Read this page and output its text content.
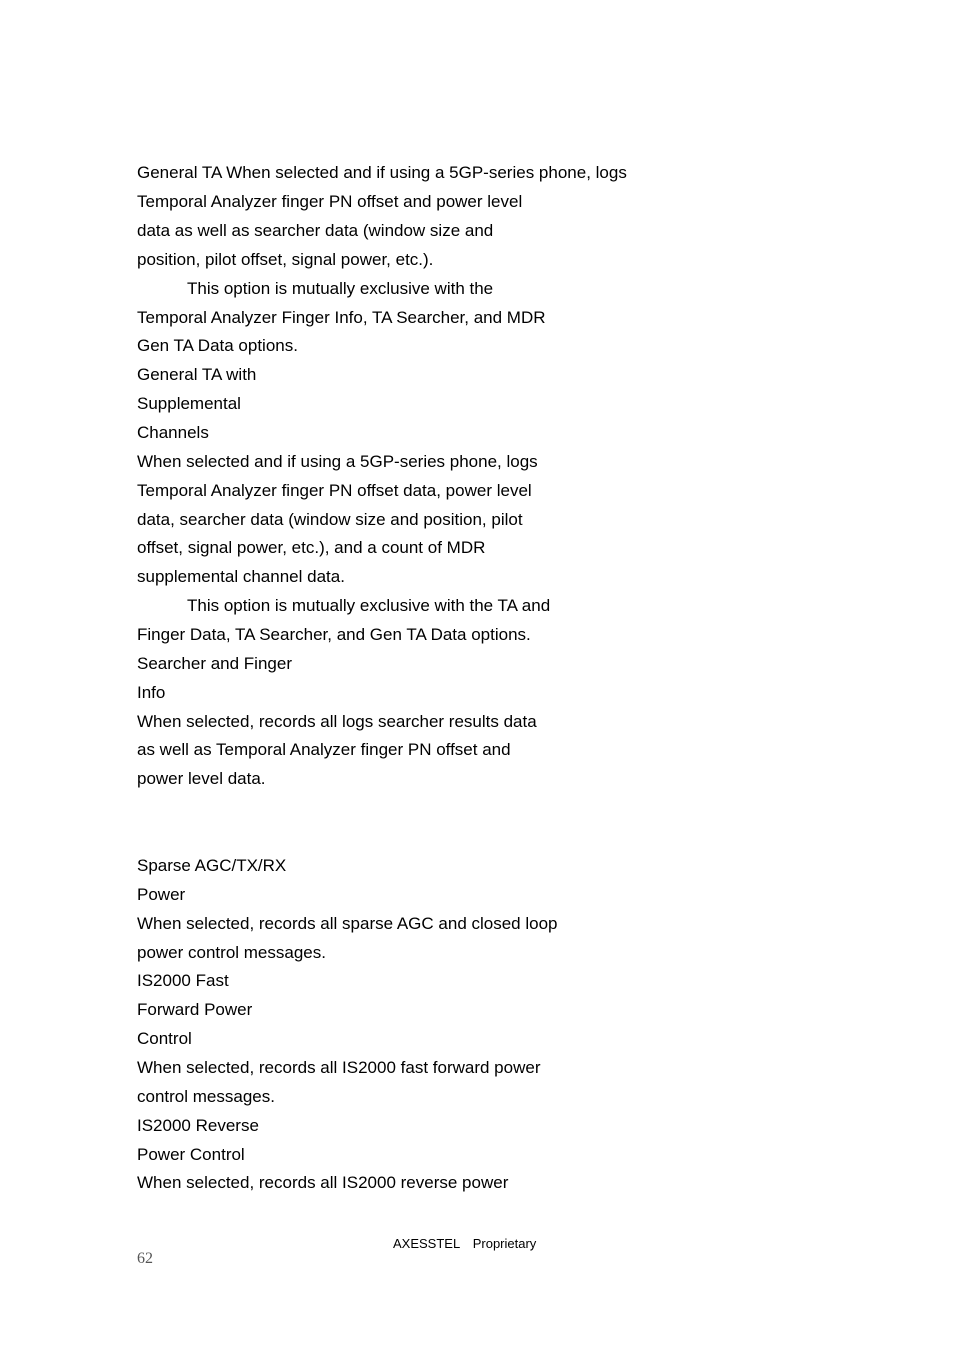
General TA When selected and if using a 5GP-series phone, logs
Temporal Analyzer finger PN offset and power level
data as well as searcher data (window size and
position, pilot offset, signal power, etc.).
This option is mutually exclusive with the
Temporal Analyzer Finger Info, TA Searcher, and MDR
Gen TA Data options.
General TA with
Supplemental
Channels
When selected and if using a 5GP-series phone, logs
Temporal Analyzer finger PN offset data, power level
data, searcher data (window size and position, pilot
offset, signal power, etc.), and a count of MDR
supplemental channel data.
This option is mutually exclusive with the TA and
Finger Data, TA Searcher, and Gen TA Data options.
Searcher and Finger
Info
When selected, records all logs searcher results data
as well as Temporal Analyzer finger PN offset and
power level data.
Sparse AGC/TX/RX
Power
When selected, records all sparse AGC and closed loop
power control messages.
IS2000 Fast
Forward Power
Control
When selected, records all IS2000 fast forward power
control messages.
IS2000 Reverse
Power Control
When selected, records all IS2000 reverse power
AXESSTEL　Proprietary
62
